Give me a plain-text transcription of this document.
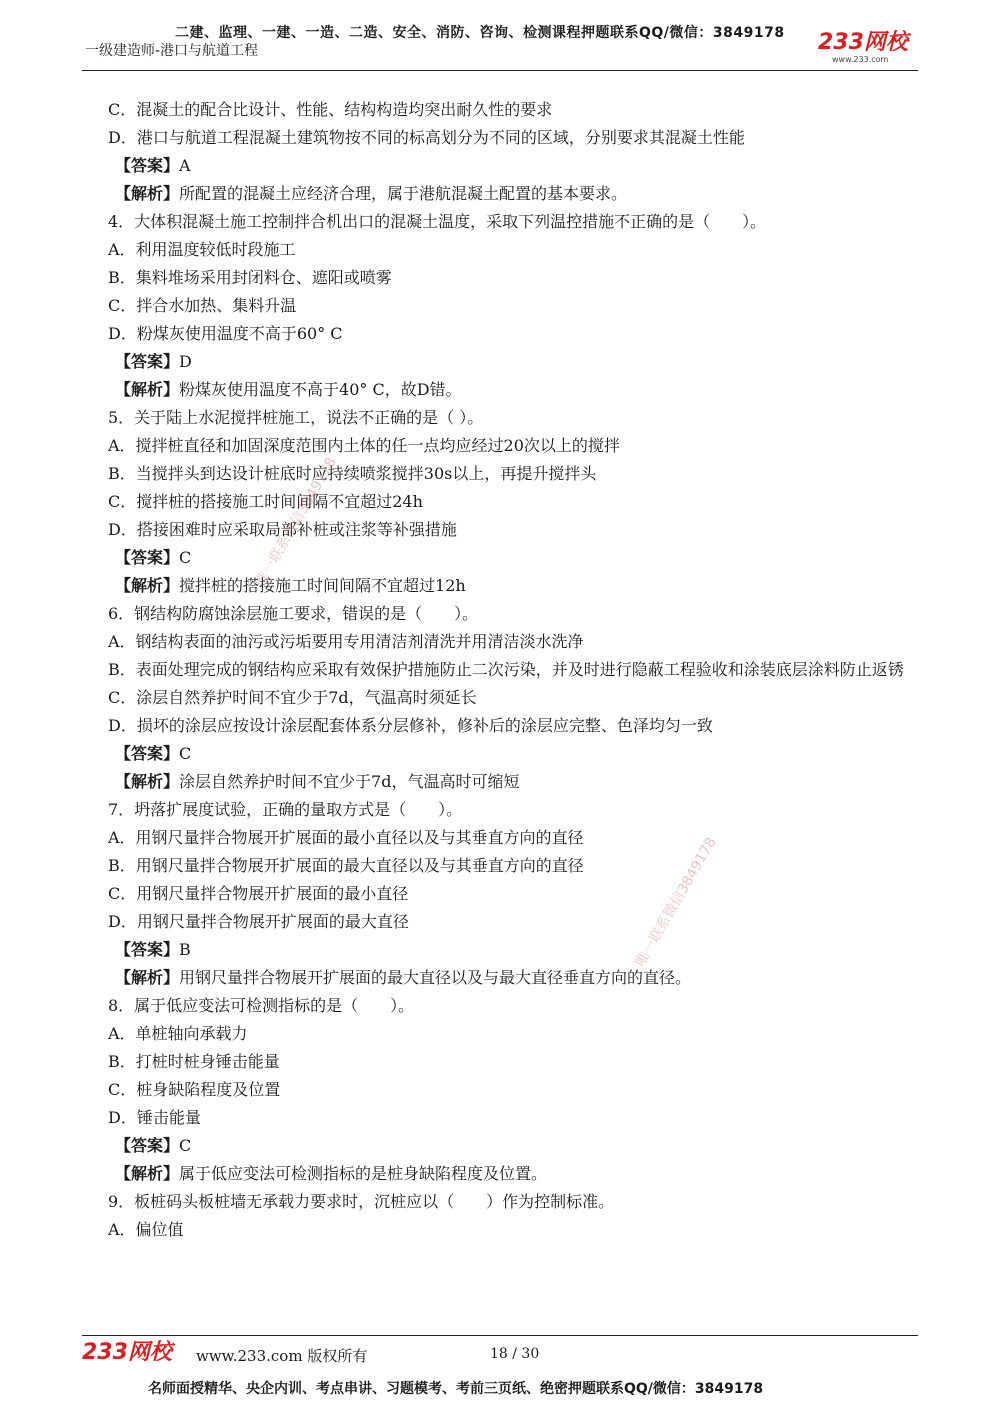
二建、监理、一建、一造、二造、安全、消防、咨询、检测课程押题联系QQ/微信：3849178
一级建造师-港口与航道工程	233网校
www.233.com
唯一联系微信3849178
唯一联系微信3849178
C．混凝土的配合比设计、性能、结构构造均突出耐久性的要求
D．港口与航道工程混凝土建筑物按不同的标高划分为不同的区域，分别要求其混凝土性能
【答案】A
【解析】所配置的混凝土应经济合理，属于港航混凝土配置的基本要求。
4．大体积混凝土施工控制拌合机出口的混凝土温度，采取下列温控措施不正确的是（　　）。
A．利用温度较低时段施工
B．集料堆场采用封闭料仓、遮阳或喷雾
C．拌合水加热、集料升温
D．粉煤灰使用温度不高于60° C
【答案】D
【解析】粉煤灰使用温度不高于40° C，故D错。
5．关于陆上水泥搅拌桩施工，说法不正确的是（ ）。
A．搅拌桩直径和加固深度范围内土体的任一点均应经过20次以上的搅拌
B．当搅拌头到达设计桩底时应持续喷浆搅拌30s以上，再提升搅拌头
C．搅拌桩的搭接施工时间间隔不宜超过24h
D．搭接困难时应采取局部补桩或注浆等补强措施
【答案】C
【解析】搅拌桩的搭接施工时间间隔不宜超过12h
6．钢结构防腐蚀涂层施工要求，错误的是（　　）。
A．钢结构表面的油污或污垢要用专用清洁剂清洗并用清洁淡水洗净
B．表面处理完成的钢结构应采取有效保护措施防止二次污染，并及时进行隐蔽工程验收和涂装底层涂料防止返锈
C．涂层自然养护时间不宜少于7d，气温高时须延长
D．损坏的涂层应按设计涂层配套体系分层修补，修补后的涂层应完整、色泽均匀一致
【答案】C
【解析】涂层自然养护时间不宜少于7d，气温高时可缩短
7．坍落扩展度试验，正确的量取方式是（　　）。
A．用钢尺量拌合物展开扩展面的最小直径以及与其垂直方向的直径
B．用钢尺量拌合物展开扩展面的最大直径以及与其垂直方向的直径
C．用钢尺量拌合物展开扩展面的最小直径
D．用钢尺量拌合物展开扩展面的最大直径
【答案】B
【解析】用钢尺量拌合物展开扩展面的最大直径以及与最大直径垂直方向的直径。
8．属于低应变法可检测指标的是（　　）。
A．单桩轴向承载力
B．打桩时桩身锤击能量
C．桩身缺陷程度及位置
D．锤击能量
【答案】C
【解析】属于低应变法可检测指标的是桩身缺陷程度及位置。
9．板桩码头板桩墙无承载力要求时，沉桩应以（　　）作为控制标准。
A．偏位值
233网校 www.233.com 版权所有	18 / 30
名师面授精华、央企内训、考点串讲、习题模考、考前三页纸、绝密押题联系QQ/微信：3849178
